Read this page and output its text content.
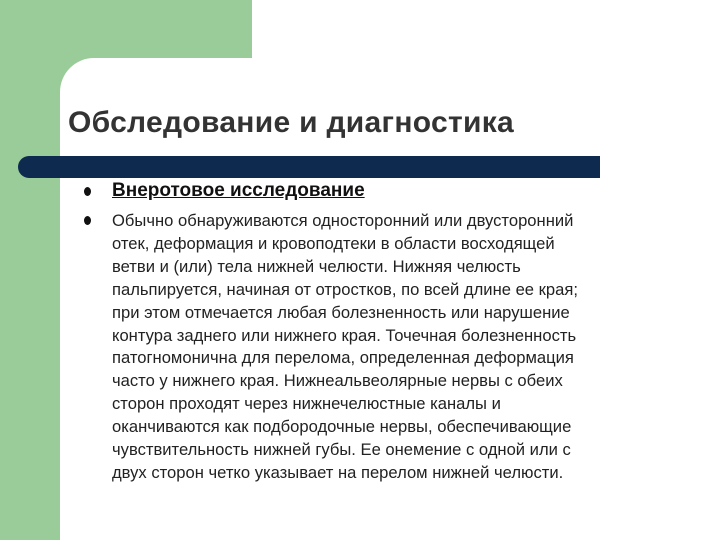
Обследование и диагностика
Внеротовое исследование
Обычно обнаруживаются односторонний или двусторонний
отек, деформация и кровоподтеки в области восходящей
ветви и (или) тела нижней челюсти. Нижняя челюсть
пальпируется, начиная от отростков, по всей длине ее края;
при этом отмечается любая болезненность или нарушение
контура заднего или нижнего края. Точечная болезненность
патогномонична для перелома, определенная деформация
часто у нижнего края. Нижнеальвеолярные нервы с обеих
сторон проходят через нижнечелюстные каналы и
оканчиваются как подбородочные нервы, обеспечивающие
чувствительность нижней губы. Ее онемение с одной или с
двух сторон четко указывает на перелом нижней челюсти.
